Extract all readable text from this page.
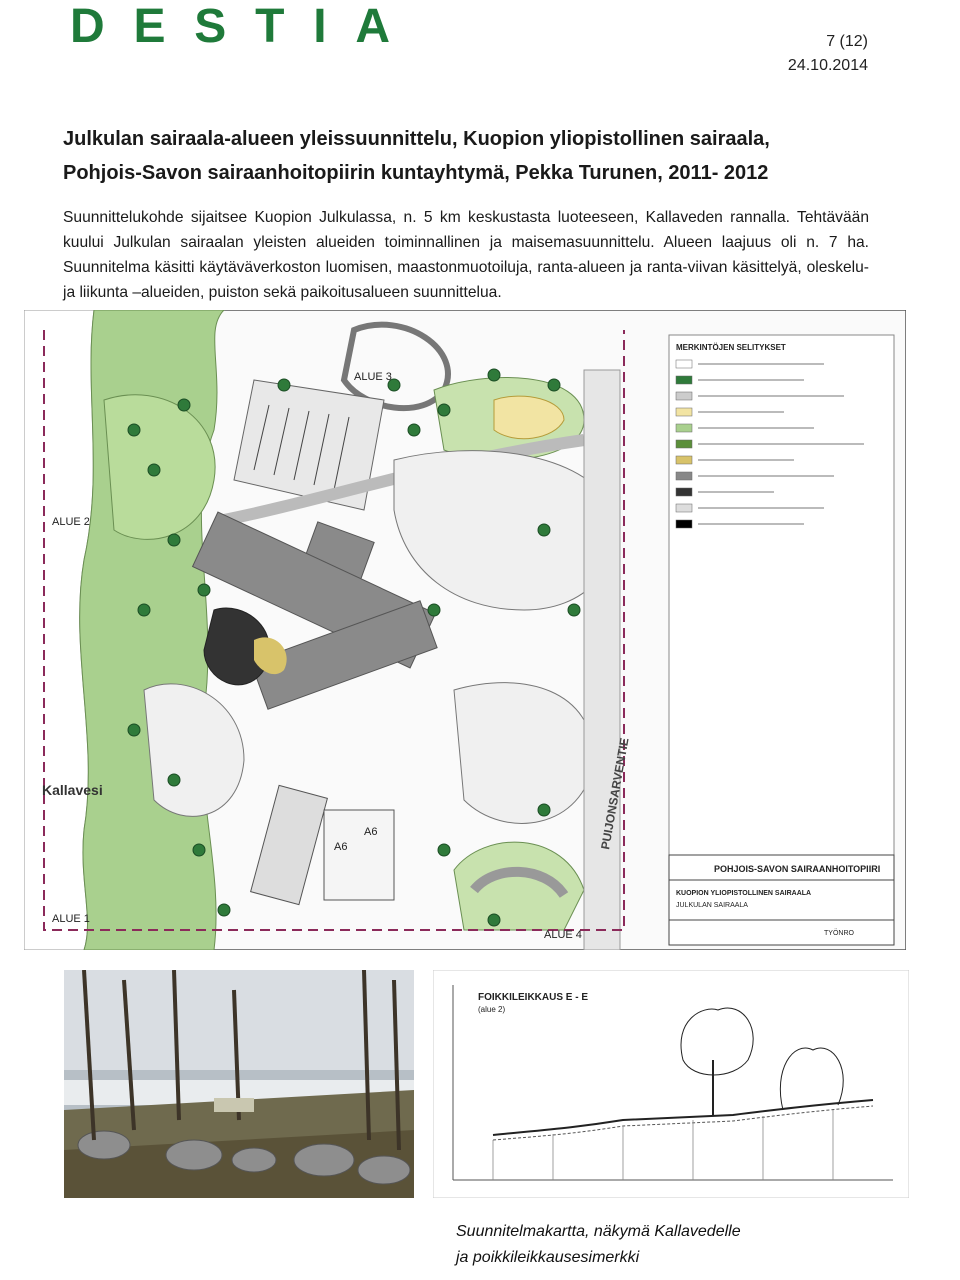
DESTIA	7 (12)
24.10.2014
Julkulan sairaala-alueen yleissuunnittelu, Kuopion yliopistollinen sairaala,
Pohjois-Savon sairaanhoitopiirin kuntayhtymä, Pekka Turunen, 2011- 2012
Suunnittelukohde sijaitsee Kuopion Julkulassa, n. 5 km keskustasta luoteeseen, Kallaveden rannalla. Tehtävään kuului Julkulan sairaalan yleisten alueiden toiminnallinen ja maisemasuunnittelu. Alueen laajuus oli n. 7 ha. Suunnitelma käsitti käytäväverkoston luomisen, maastonmuotoiluja, ranta-alueen ja ranta-viivan käsittelyä, oleskelu- ja liikunta –alueiden, puiston sekä paikoitusalueen suunnittelua.
ALUE 3
ALUE 2
ALUE 1
ALUE 4
A6
A6
Kallavesi	PUIJONSARVENTIE
MERKINTÖJEN SELITYKSET
POHJOIS-SAVON SAIRAANHOITOPIIRI
KUOPION YLIOPISTOLLINEN SAIRAALA
JULKULAN SAIRAALA
TYÖNRO
FOIKKILEIKKAUS E - E
(alue 2)
Suunnitelmakartta, näkymä Kallavedelle
ja poikkileikkausesimerkki
